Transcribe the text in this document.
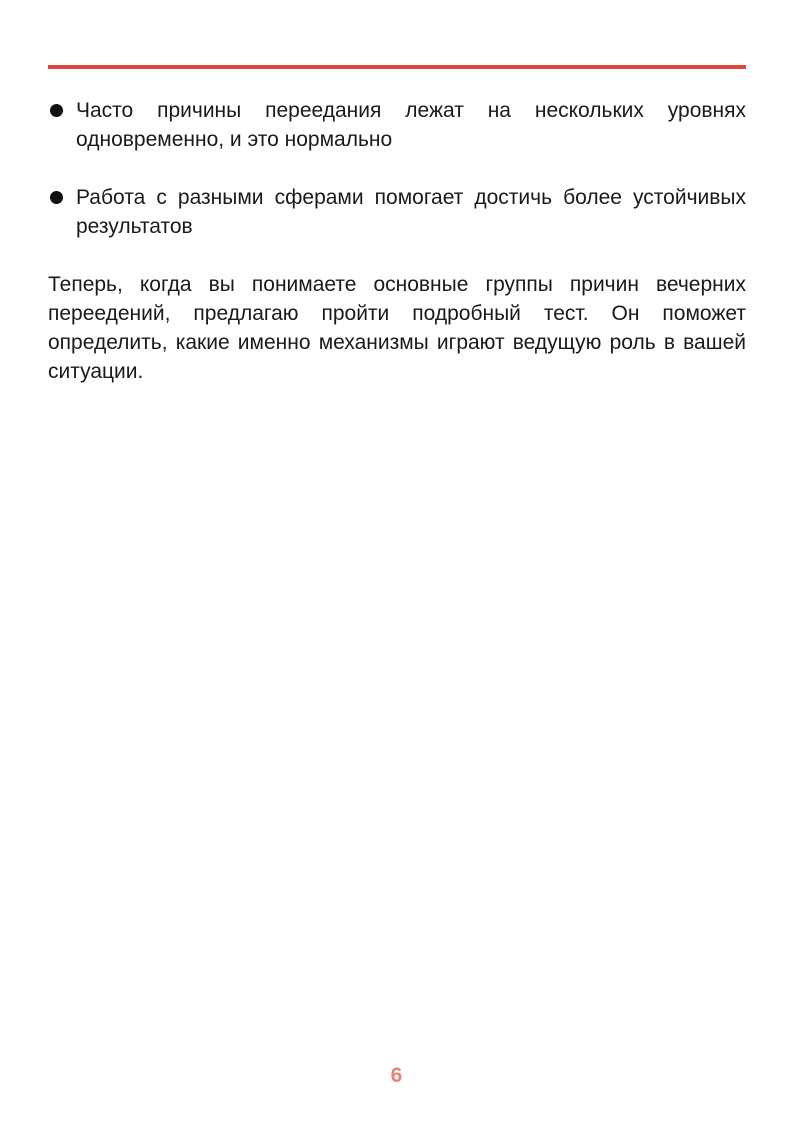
Часто причины переедания лежат на нескольких уровнях одновременно, и это нормально
Работа с разными сферами помогает достичь более устойчивых результатов

Теперь, когда вы понимаете основные группы причин вечерних переедений, предлагаю пройти подробный тест. Он поможет определить, какие именно механизмы играют ведущую роль в вашей ситуации.

6
